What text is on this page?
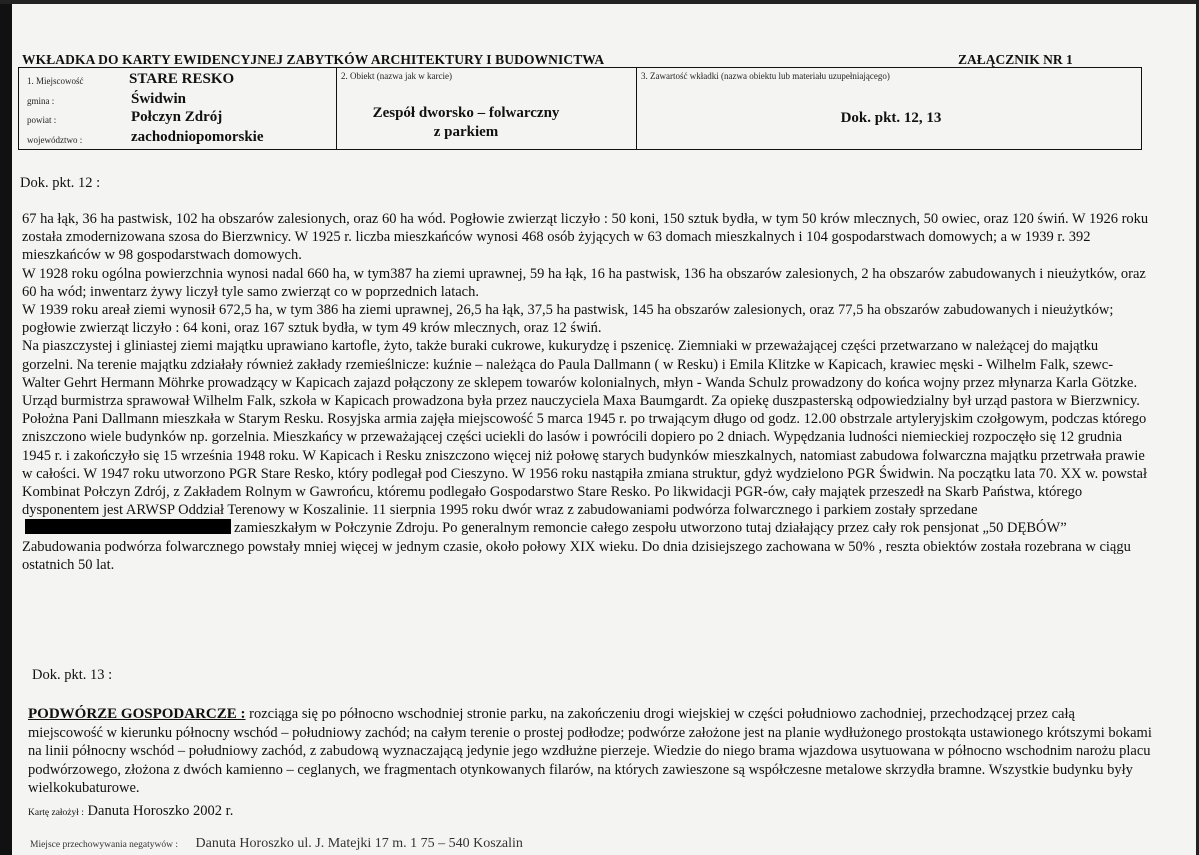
WKŁADKA DO KARTY EWIDENCYJNEJ ZABYTKÓW ARCHITEKTURY I BUDOWNICTWA	ZAŁĄCZNIK NR 1
1. Miejscowość	STARE RESKO
gmina :	Świdwin
powiat :	Połczyn Zdrój
województwo :	zachodniopomorskie
2. Obiekt (nazwa jak w karcie)
Zespół dworsko – folwarczny
z parkiem
3. Zawartość wkładki (nazwa obiektu lub materiału uzupełniającego)
Dok. pkt. 12, 13
Dok. pkt. 12 :

67 ha łąk, 36 ha pastwisk, 102 ha obszarów zalesionych, oraz 60 ha wód. Pogłowie zwierząt liczyło : 50 koni, 150 sztuk bydła, w tym 50 krów mlecznych, 50 owiec, oraz 120 świń. W 1926 roku została zmodernizowana szosa do Bierzwnicy. W 1925 r. liczba mieszkańców wynosi 468 osób żyjących w 63 domach mieszkalnych i 104 gospodarstwach domowych; a w 1939 r. 392 mieszkańców w 98 gospodarstwach domowych.

W 1928 roku ogólna powierzchnia wynosi nadal 660 ha, w tym387 ha ziemi uprawnej, 59 ha łąk, 16 ha pastwisk, 136 ha obszarów zalesionych, 2 ha obszarów zabudowanych i nieużytków, oraz 60 ha wód; inwentarz żywy liczył tyle samo zwierząt co w poprzednich latach.

W 1939 roku areał ziemi wynosił 672,5 ha, w tym 386 ha ziemi uprawnej, 26,5 ha łąk, 37,5 ha pastwisk, 145 ha obszarów zalesionych, oraz 77,5 ha obszarów zabudowanych i nieużytków; pogłowie zwierząt liczyło : 64 koni, oraz 167 sztuk bydła, w tym 49 krów mlecznych, oraz 12 świń.

Na piaszczystej i gliniastej ziemi majątku uprawiano kartofle, żyto, także buraki cukrowe, kukurydzę i pszenicę. Ziemniaki w przeważającej części przetwarzano w należącej do majątku gorzelni. Na terenie majątku zdziałały również zakłady rzemieślnicze: kuźnie – należąca do Paula Dallmann ( w Resku) i Emila Klitzke w Kapicach, krawiec męski - Wilhelm Falk, szewc- Walter Gehrt Hermann Möhrke prowadzący w Kapicach zajazd połączony ze sklepem towarów kolonialnych, młyn - Wanda Schulz prowadzony do końca wojny przez młynarza Karla Götzke. Urząd burmistrza sprawował Wilhelm Falk, szkoła w Kapicach prowadzona była przez nauczyciela Maxa Baumgardt. Za opiekę duszpasterską odpowiedzialny był urząd pastora w Bierzwnicy. Położna Pani Dallmann mieszkała w Starym Resku. Rosyjska armia zajęła miejscowość 5 marca 1945 r. po trwającym długo od godz. 12.00 obstrzale artyleryjskim czołgowym, podczas którego zniszczono wiele budynków np. gorzelnia. Mieszkańcy w przeważającej części uciekli do lasów i powrócili dopiero po 2 dniach. Wypędzania ludności niemieckiej rozpoczęło się 12 grudnia 1945 r. i zakończyło się 15 września 1948 roku. W Kapicach i Resku zniszczono więcej niż połowę starych budynków mieszkalnych, natomiast zabudowa folwarczna majątku przetrwała prawie w całości. W 1947 roku utworzono PGR Stare Resko, który podlegał pod Cieszyno. W 1956 roku nastąpiła zmiana struktur, gdyż wydzielono PGR Świdwin. Na początku lata 70. XX w. powstał Kombinat Połczyn Zdrój, z Zakładem Rolnym w Gawrońcu, któremu podlegało Gospodarstwo Stare Resko. Po likwidacji PGR-ów, cały majątek przeszedł na Skarb Państwa, którego dysponentem jest ARWSP Oddział Terenowy w Koszalinie. 11 sierpnia 1995 roku dwór wraz z zabudowaniami podwórza folwarcznego i parkiem zostały sprzedanezamieszkałym w Połczynie Zdroju. Po generalnym remoncie całego zespołu utworzono tutaj działający przez cały rok pensjonat „50 DĘBÓW”

Zabudowania podwórza folwarcznego powstały mniej więcej w jednym czasie, około połowy XIX wieku. Do dnia dzisiejszego zachowana w 50% , reszta obiektów została rozebrana w ciągu ostatnich 50 lat.

Dok. pkt. 13 :
PODWÓRZE GOSPODARCZE : rozciąga się po północno wschodniej stronie parku, na zakończeniu drogi wiejskiej w części południowo zachodniej, przechodzącej przez całą miejscowość w kierunku północny wschód – południowy zachód; na całym terenie o prostej podłodze; podwórze założone jest na planie wydłużonego prostokąta ustawionego krótszymi bokami na linii północny wschód – południowy zachód, z zabudową wyznaczającą jedynie jego wzdłużne pierzeje. Wiedzie do niego brama wjazdowa usytuowana w północno wschodnim narożu placu podwórzowego, złożona z dwóch kamienno – ceglanych, we fragmentach otynkowanych filarów, na których zawieszone są współczesne metalowe skrzydła bramne. Wszystkie budynku były wielkokubaturowe.
Kartę założył : Danuta Horoszko 2002 r.
Miejsce przechowywania negatywów : Danuta Horoszko ul. J. Matejki 17 m. 1 75 – 540 Koszalin
